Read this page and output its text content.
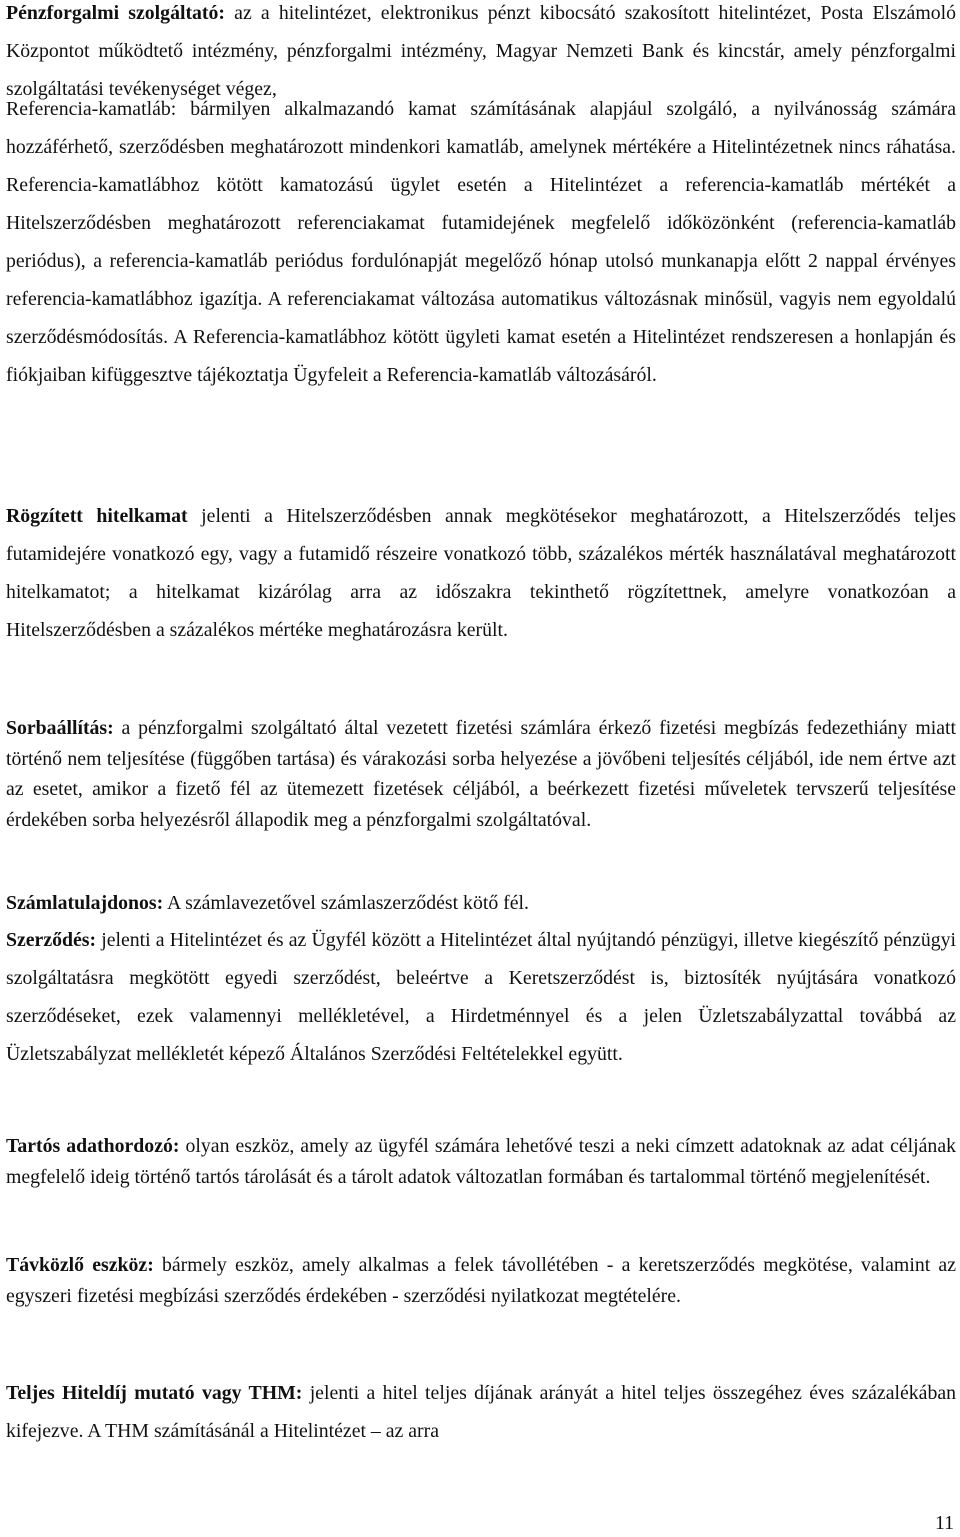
Pénzforgalmi szolgáltató: az a hitelintézet, elektronikus pénzt kibocsátó szakosított hitelintézet, Posta Elszámoló Központot működtető intézmény, pénzforgalmi intézmény, Magyar Nemzeti Bank és kincstár, amely pénzforgalmi szolgáltatási tevékenységet végez,

Referencia-kamatláb: bármilyen alkalmazandó kamat számításának alapjául szolgáló, a nyilvánosság számára hozzáférhető, szerződésben meghatározott mindenkori kamatláb, amelynek mértékére a Hitelintézetnek nincs ráhatása. Referencia-kamatlábhoz kötött kamatozású ügylet esetén a Hitelintézet a referencia-kamatláb mértékét a Hitelszerződésben meghatározott referenciakamat futamidejének megfelelő időközönként (referencia-kamatláb periódus), a referencia-kamatláb periódus fordulónapját megelőző hónap utolsó munkanapja előtt 2 nappal érvényes referencia-kamatlábhoz igazítja. A referenciakamat változása automatikus változásnak minősül, vagyis nem egyoldalú szerződésmódosítás. A Referencia-kamatlábhoz kötött ügyleti kamat esetén a Hitelintézet rendszeresen a honlapján és fiókjaiban kifüggesztve tájékoztatja Ügyfeleit a Referencia-kamatláb változásáról.

Rögzített hitelkamat jelenti a Hitelszerződésben annak megkötésekor meghatározott, a Hitelszerződés teljes futamidejére vonatkozó egy, vagy a futamidő részeire vonatkozó több, százalékos mérték használatával meghatározott hitelkamatot; a hitelkamat kizárólag arra az időszakra tekinthető rögzítettnek, amelyre vonatkozóan a Hitelszerződésben a százalékos mértéke meghatározásra került.

Sorbaállítás: a pénzforgalmi szolgáltató által vezetett fizetési számlára érkező fizetési megbízás fedezethiány miatt történő nem teljesítése (függőben tartása) és várakozási sorba helyezése a jövőbeni teljesítés céljából, ide nem értve azt az esetet, amikor a fizető fél az ütemezett fizetések céljából, a beérkezett fizetési műveletek tervszerű teljesítése érdekében sorba helyezésről állapodik meg a pénzforgalmi szolgáltatóval.

Számlatulajdonos: A számlavezetővel számlaszerződést kötő fél.

Szerződés: jelenti a Hitelintézet és az Ügyfél között a Hitelintézet által nyújtandó pénzügyi, illetve kiegészítő pénzügyi szolgáltatásra megkötött egyedi szerződést, beleértve a Keretszerződést is, biztosíték nyújtására vonatkozó szerződéseket, ezek valamennyi mellékletével, a Hirdetménnyel és a jelen Üzletszabályzattal továbbá az Üzletszabályzat mellékletét képező Általános Szerződési Feltételekkel együtt.

Tartós adathordozó: olyan eszköz, amely az ügyfél számára lehetővé teszi a neki címzett adatoknak az adat céljának megfelelő ideig történő tartós tárolását és a tárolt adatok változatlan formában és tartalommal történő megjelenítését.

Távközlő eszköz: bármely eszköz, amely alkalmas a felek távollétében - a keretszerződés megkötése, valamint az egyszeri fizetési megbízási szerződés érdekében - szerződési nyilatkozat megtételére.

Teljes Hiteldíj mutató vagy THM: jelenti a hitel teljes díjának arányát a hitel teljes összegéhez éves százalékában kifejezve. A THM számításánál a Hitelintézet – az arra

11
